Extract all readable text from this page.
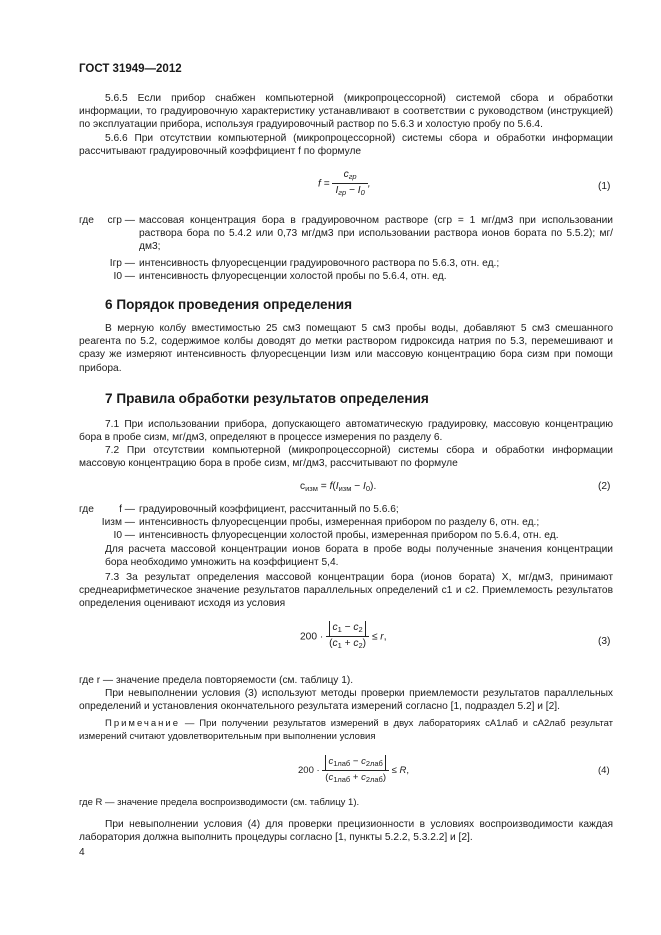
ГОСТ 31949—2012
5.6.5 Если прибор снабжен компьютерной (микропроцессорной) системой сбора и обработки информации, то градуировочную характеристику устанавливают в соответствии с руководством (инструкцией) по эксплуатации прибора, используя градуировочный раствор по 5.6.3 и холостую пробу по 5.6.4.
5.6.6 При отсутствии компьютерной (микропроцессорной) системы сбора и обработки информации рассчитывают градуировочный коэффициент f по формуле
$f = \frac{c_{гр}}{I_{гр} - I_0}$ ,	(1)
где	cгр — массовая концентрация бора в градуировочном растворе (cгр = 1 мг/дм3 при использовании раствора бора по 5.4.2 или 0,73 мг/дм3 при использовании раствора ионов бората по 5.5.2); мг/дм3;
Iгр — интенсивность флуоресценции градуировочного раствора по 5.6.3, отн. ед.;
I0 — интенсивность флуоресценции холостой пробы по 5.6.4, отн. ед.
6 Порядок проведения определения
В мерную колбу вместимостью 25 см3 помещают 5 см3 пробы воды, добавляют 5 см3 смешанного реагента по 5.2, содержимое колбы доводят до метки раствором гидроксида натрия по 5.3, перемешивают и сразу же измеряют интенсивность флуоресценции Iизм или массовую концентрацию бора cизм при помощи прибора.
7 Правила обработки результатов определения
7.1 При использовании прибора, допускающего автоматическую градуировку, массовую концентрацию бора в пробе cизм, мг/дм3, определяют в процессе измерения по разделу 6.
7.2 При отсутствии компьютерной (микропроцессорной) системы сбора и обработки информации массовую концентрацию бора в пробе cизм, мг/дм3, рассчитывают по формуле
$c_{изм} = f(I_{изм} - I_0)$.	(2)
где	f — градуировочный коэффициент, рассчитанный по 5.6.6;
Iизм — интенсивность флуоресценции пробы, измеренная прибором по разделу 6, отн. ед.;
I0 — интенсивность флуоресценции холостой пробы, измеренная прибором по 5.6.4, отн. ед.
Для расчета массовой концентрации ионов бората в пробе воды полученные значения концентрации бора необходимо умножить на коэффициент 5,4.
7.3 За результат определения массовой концентрации бора (ионов бората) X, мг/дм3, принимают среднеарифметическое значение результатов параллельных определений c1 и c2. Приемлемость результатов определения оценивают исходя из условия
$200 \cdot \frac{c_1 - c_2}{(c_1 + c_2)} \le r$,	(3)
где r — значение предела повторяемости (см. таблицу 1).
При невыполнении условия (3) используют методы проверки приемлемости результатов параллельных определений и установления окончательного результата измерений согласно [1, подраздел 5.2] и [2].
Примечание — При получении результатов измерений в двух лабораториях cA1лаб и cA2лаб результат измерений считают удовлетворительным при выполнении условия
$200 \cdot \frac{c_{1лаб} - c_{2лаб}}{(c_{1лаб} + c_{2лаб})} \le R$,	(4)
где R — значение предела воспроизводимости (см. таблицу 1).
При невыполнении условия (4) для проверки прецизионности в условиях воспроизводимости каждая лаборатория должна выполнить процедуры согласно [1, пункты 5.2.2, 5.3.2.2] и [2].
4
